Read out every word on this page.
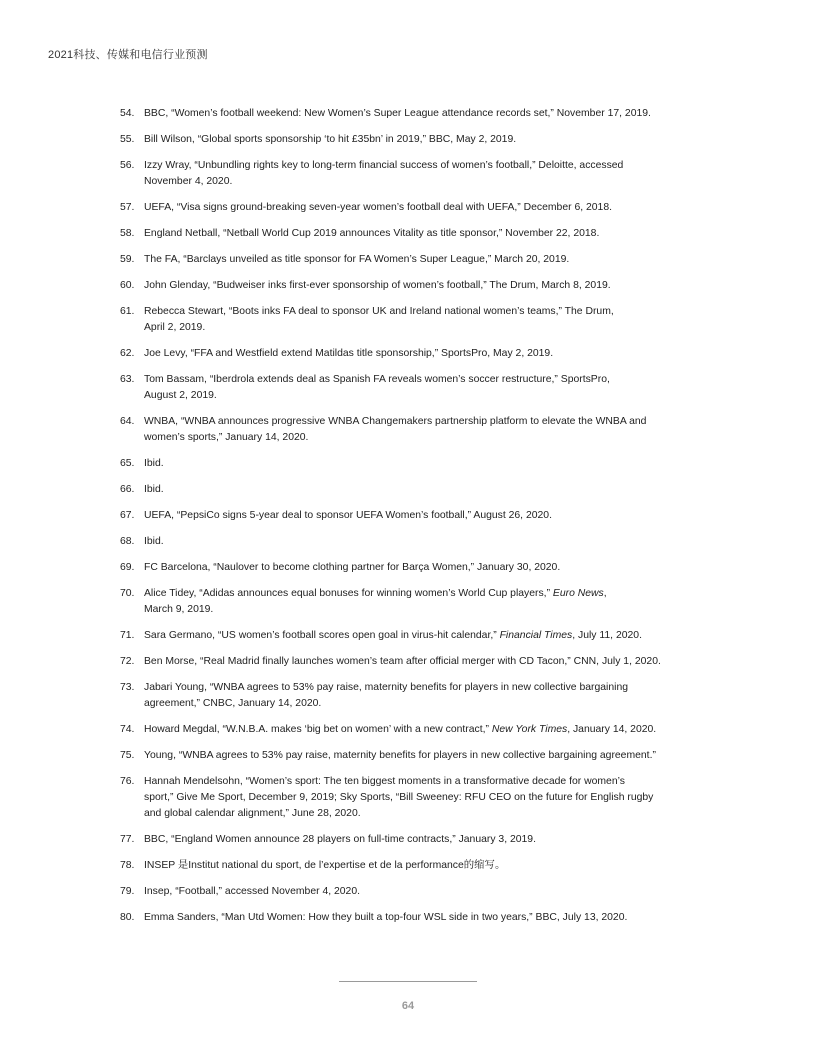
2021科技、传媒和电信行业预测
54. BBC, “Women’s football weekend: New Women’s Super League attendance records set,” November 17, 2019.
55. Bill Wilson, “Global sports sponsorship ‘to hit £35bn’ in 2019,” BBC, May 2, 2019.
56. Izzy Wray, “Unbundling rights key to long-term financial success of women’s football,” Deloitte, accessed
November 4, 2020.
57. UEFA, “Visa signs ground-breaking seven-year women’s football deal with UEFA,” December 6, 2018.
58. England Netball, “Netball World Cup 2019 announces Vitality as title sponsor,” November 22, 2018.
59. The FA, “Barclays unveiled as title sponsor for FA Women’s Super League,” March 20, 2019.
60. John Glenday, “Budweiser inks first-ever sponsorship of women’s football,” The Drum, March 8, 2019.
61. Rebecca Stewart, “Boots inks FA deal to sponsor UK and Ireland national women’s teams,” The Drum,
April 2, 2019.
62. Joe Levy, “FFA and Westfield extend Matildas title sponsorship,” SportsPro, May 2, 2019.
63. Tom Bassam, “Iberdrola extends deal as Spanish FA reveals women’s soccer restructure,” SportsPro,
August 2, 2019.
64. WNBA, “WNBA announces progressive WNBA Changemakers partnership platform to elevate the WNBA and
women’s sports,” January 14, 2020.
65. Ibid.
66. Ibid.
67. UEFA, “PepsiCo signs 5-year deal to sponsor UEFA Women’s football,” August 26, 2020.
68. Ibid.
69. FC Barcelona, “Naulover to become clothing partner for Barça Women,” January 30, 2020.
70. Alice Tidey, “Adidas announces equal bonuses for winning women’s World Cup players,” Euro News,
March 9, 2019.
71. Sara Germano, “US women’s football scores open goal in virus-hit calendar,” Financial Times, July 11, 2020.
72. Ben Morse, “Real Madrid finally launches women’s team after official merger with CD Tacon,” CNN, July 1, 2020.
73. Jabari Young, “WNBA agrees to 53% pay raise, maternity benefits for players in new collective bargaining
agreement,” CNBC, January 14, 2020.
74. Howard Megdal, “W.N.B.A. makes ‘big bet on women’ with a new contract,” New York Times, January 14, 2020.
75. Young, “WNBA agrees to 53% pay raise, maternity benefits for players in new collective bargaining agreement.”
76. Hannah Mendelsohn, “Women’s sport: The ten biggest moments in a transformative decade for women’s
sport,” Give Me Sport, December 9, 2019; Sky Sports, “Bill Sweeney: RFU CEO on the future for English rugby
and global calendar alignment,” June 28, 2020.
77. BBC, “England Women announce 28 players on full-time contracts,” January 3, 2019.
78. INSEP 是Institut national du sport, de l’expertise et de la performance的缩写。
79. Insep, “Football,” accessed November 4, 2020.
80. Emma Sanders, “Man Utd Women: How they built a top-four WSL side in two years,” BBC, July 13, 2020.
64
